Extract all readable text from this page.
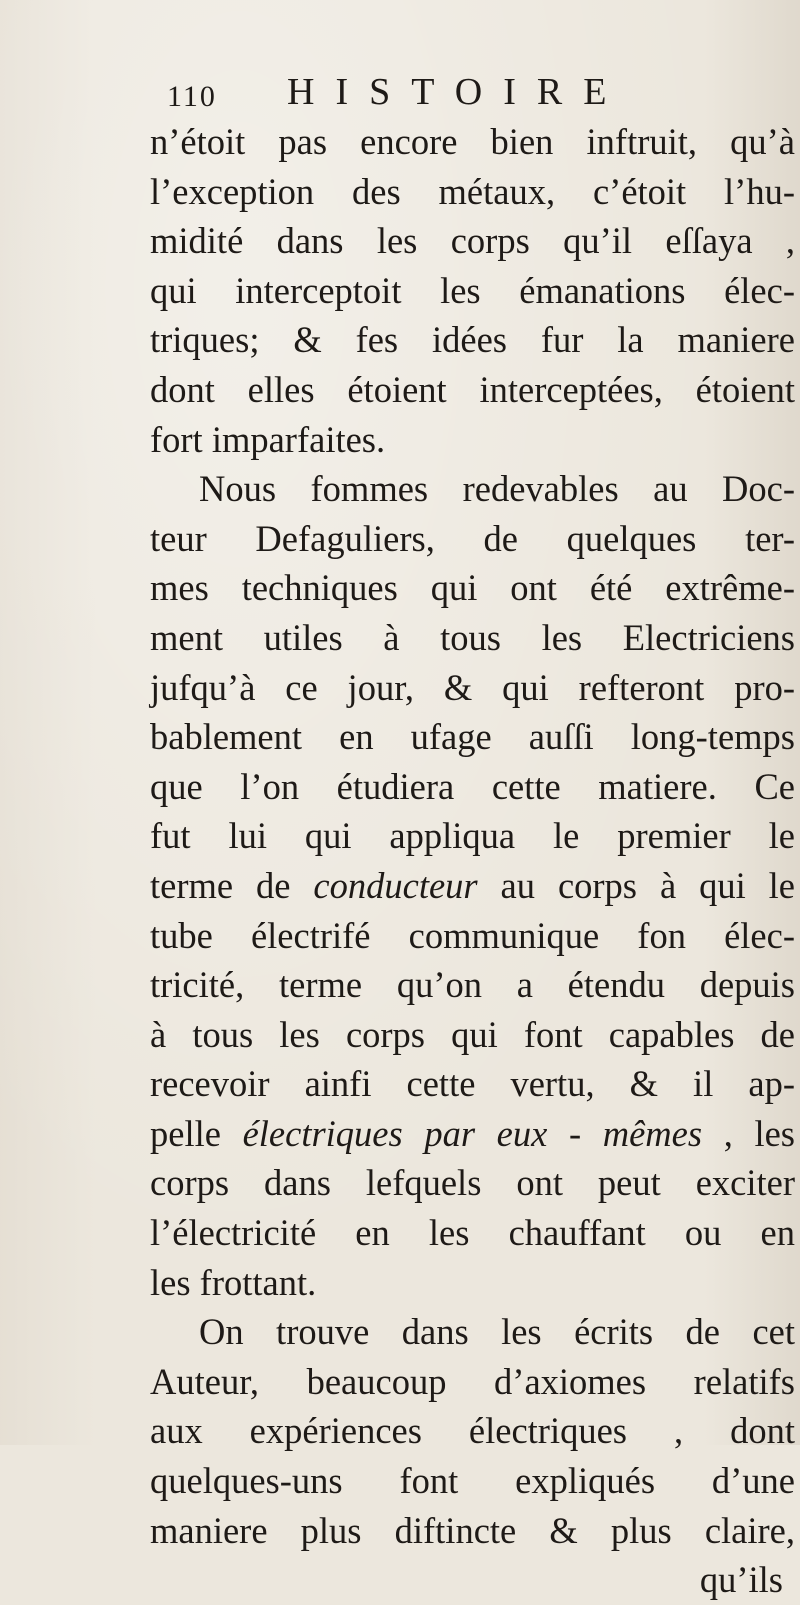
110 HISTOIRE
n’étoit pas encore bien inftruit, qu’à
l’exception des métaux, c’étoit l’hu-
midité dans les corps qu’il eſſaya ,
qui interceptoit les émanations élec-
triques; & fes idées fur la maniere
dont elles étoient interceptées, étoient
fort imparfaites.
Nous fommes redevables au Doc-
teur Defaguliers, de quelques ter-
mes techniques qui ont été extrême-
ment utiles à tous les Electriciens
jufqu’à ce jour, & qui refteront pro-
bablement en ufage auſſi long-temps
que l’on étudiera cette matiere. Ce
fut lui qui appliqua le premier le
terme de conducteur au corps à qui le
tube électrifé communique fon élec-
tricité, terme qu’on a étendu depuis
à tous les corps qui font capables de
recevoir ainfi cette vertu, & il ap-
pelle électriques par eux - mêmes , les
corps dans lefquels ont peut exciter
l’électricité en les chauffant ou en
les frottant.
On trouve dans les écrits de cet
Auteur, beaucoup d’axiomes relatifs
aux expériences électriques , dont
quelques-uns font expliqués d’une
maniere plus diftincte & plus claire,
qu’ils
